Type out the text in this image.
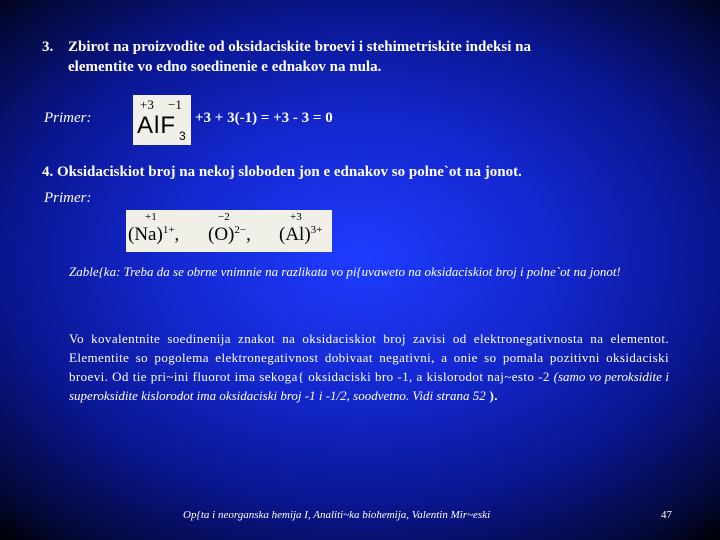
3. Zbirot na proizvodite od oksidaciskite broevi i stehimetriskite indeksi na
elementite vo edno soedinenie e ednakov na nula.
Primer:
+3 −1
AlF 3
+3 + 3(-1) = +3 - 3 = 0
4. Oksidaciskiot broj na nekoj sloboden jon e ednakov so polne`ot na jonot.
Primer:
+1
$(Na)^{1+}$,
−2
$(O)^{2-}$,
+3
$(Al)^{3+}$
Zable{ka: Treba da se obrne vnimnie na razlikata vo pi{uvaweto na oksidaciskiot broj i polne`ot na jonot!
Vo kovalentnite soedinenija znakot na oksidaciskiot broj zavisi od elektronegativnosta na elementot. Elementite so pogolema elektronegativnost dobivaat negativni, a onie so pomala pozitivni oksidaciski broevi. Od tie pri~ini fluorot ima sekoga{ oksidaciski bro -1, a kislorodot naj~esto -2 (samo vo peroksidite i superoksidite kislorodot ima oksidaciski broj -1 i -1/2, soodvetno. Vidi strana 52 ).
Op{ta i neorganska hemija I, Analiti~ka biohemija, Valentin Mir~eski	47
